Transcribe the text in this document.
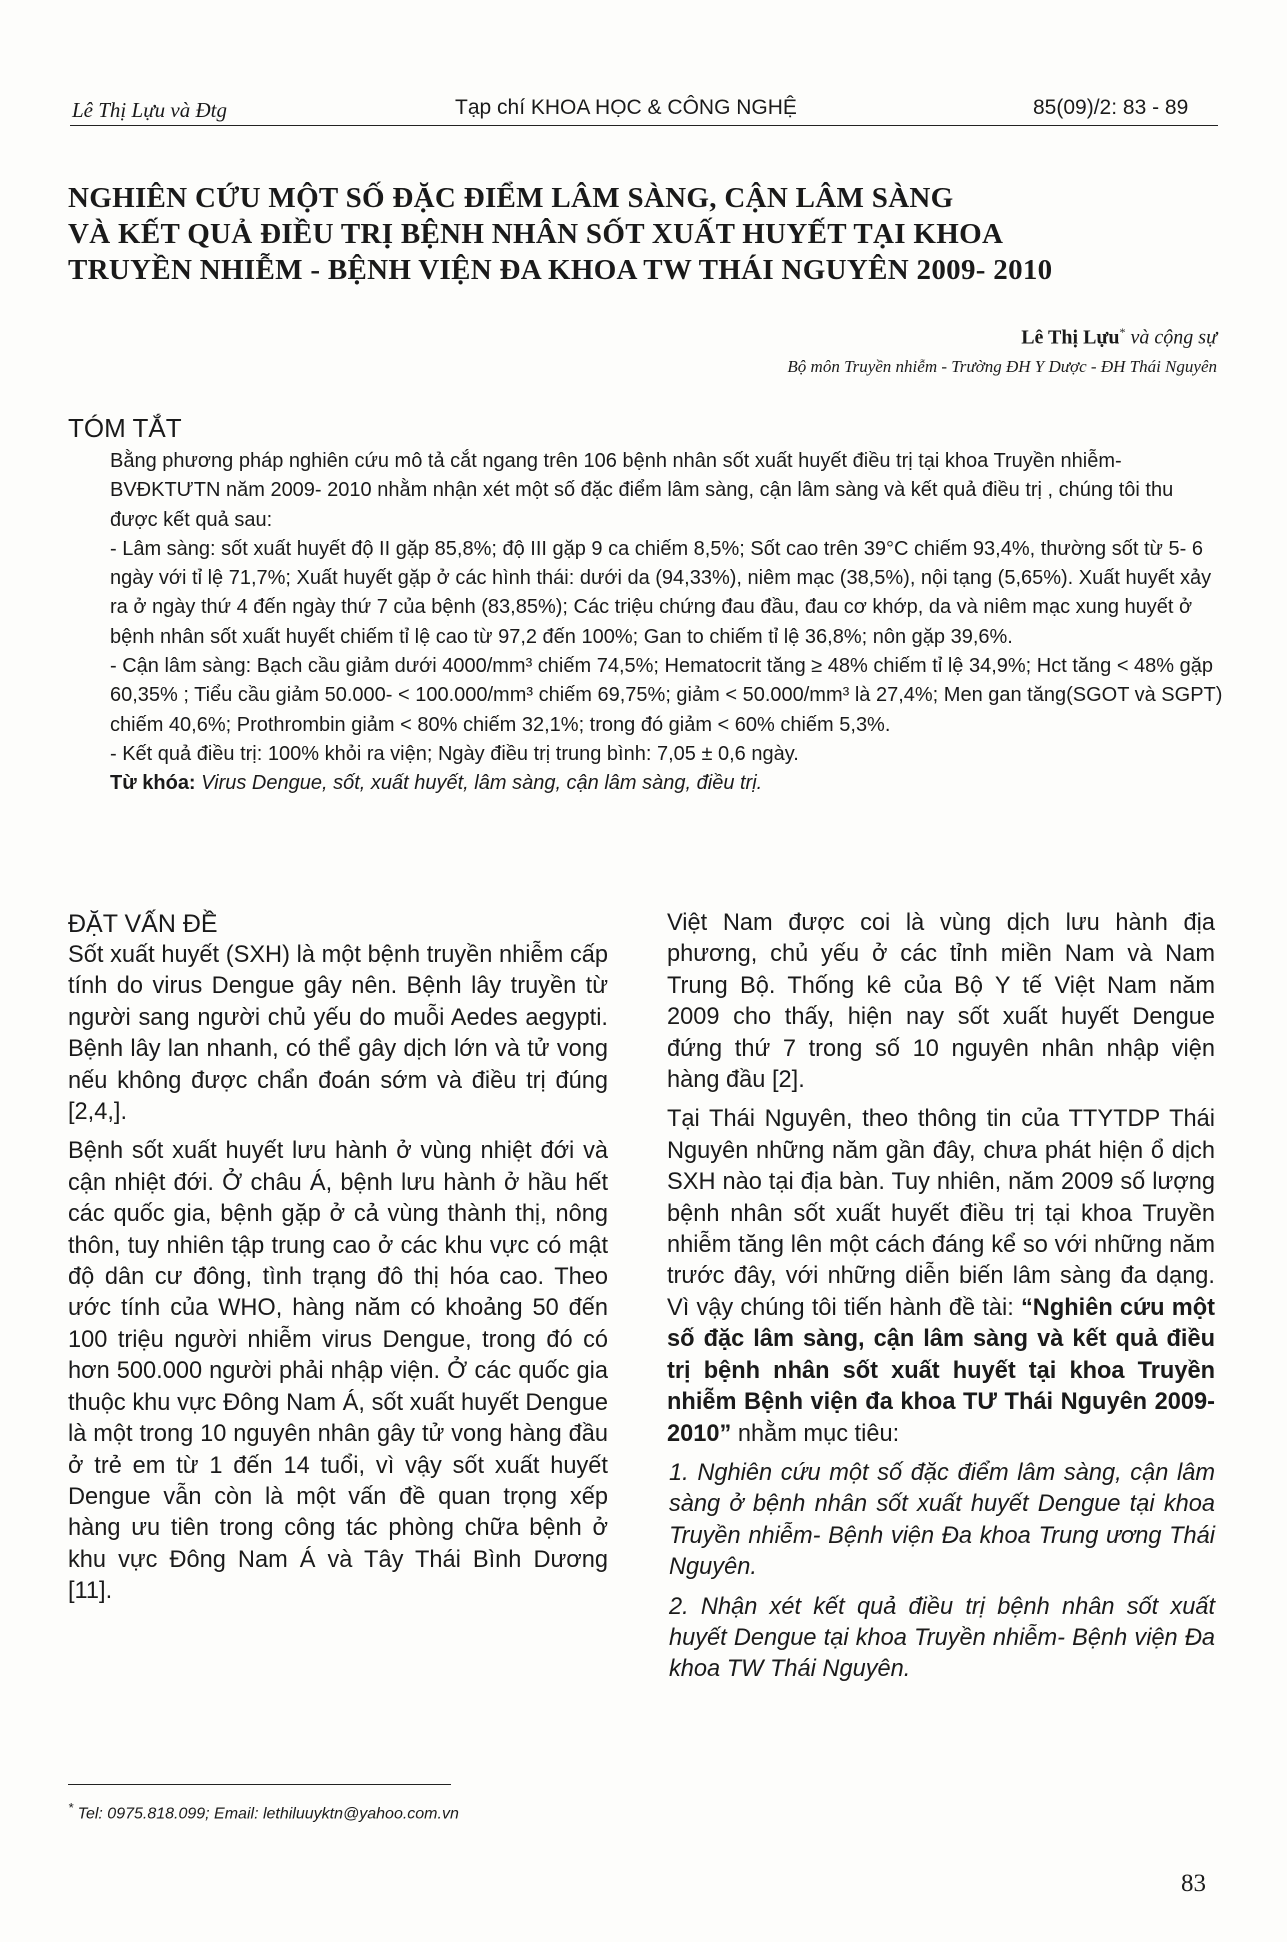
Lê Thị Lựu và Đtg	Tạp chí KHOA HỌC & CÔNG NGHỆ	85(09)/2: 83 - 89
NGHIÊN CỨU MỘT SỐ ĐẶC ĐIỂM LÂM SÀNG, CẬN LÂM SÀNG
VÀ KẾT QUẢ ĐIỀU TRỊ BỆNH NHÂN SỐT XUẤT HUYẾT TẠI KHOA
TRUYỀN NHIỄM - BỆNH VIỆN ĐA KHOA TW THÁI NGUYÊN 2009- 2010
Lê Thị Lựu* và cộng sự
Bộ môn Truyền nhiễm - Trường ĐH Y Dược - ĐH Thái Nguyên
TÓM TẮT

Bằng phương pháp nghiên cứu mô tả cắt ngang trên 106 bệnh nhân sốt xuất huyết điều trị tại khoa Truyền nhiễm- BVĐKTƯTN năm 2009- 2010 nhằm nhận xét một số đặc điểm lâm sàng, cận lâm sàng và kết quả điều trị , chúng tôi thu được kết quả sau:

- Lâm sàng: sốt xuất huyết độ II gặp 85,8%; độ III gặp 9 ca chiếm 8,5%; Sốt cao trên 39°C chiếm 93,4%, thường sốt từ 5- 6 ngày với tỉ lệ 71,7%; Xuất huyết gặp ở các hình thái: dưới da (94,33%), niêm mạc (38,5%), nội tạng (5,65%). Xuất huyết xảy ra ở ngày thứ 4 đến ngày thứ 7 của bệnh (83,85%); Các triệu chứng đau đầu, đau cơ khớp, da và niêm mạc xung huyết ở bệnh nhân sốt xuất huyết chiếm tỉ lệ cao từ 97,2 đến 100%; Gan to chiếm tỉ lệ 36,8%; nôn gặp 39,6%.

- Cận lâm sàng: Bạch cầu giảm dưới 4000/mm³ chiếm 74,5%; Hematocrit tăng ≥ 48% chiếm tỉ lệ 34,9%; Hct tăng < 48% gặp 60,35% ; Tiểu cầu giảm 50.000- < 100.000/mm³ chiếm 69,75%; giảm < 50.000/mm³ là 27,4%; Men gan tăng(SGOT và SGPT) chiếm 40,6%; Prothrombin giảm < 80% chiếm 32,1%; trong đó giảm < 60% chiếm 5,3%.

- Kết quả điều trị: 100% khỏi ra viện; Ngày điều trị trung bình: 7,05 ± 0,6 ngày.

Từ khóa: Virus Dengue, sốt, xuất huyết, lâm sàng, cận lâm sàng, điều trị.

ĐẶT VẤN ĐỀ

Sốt xuất huyết (SXH) là một bệnh truyền nhiễm cấp tính do virus Dengue gây nên. Bệnh lây truyền từ người sang người chủ yếu do muỗi Aedes aegypti. Bệnh lây lan nhanh, có thể gây dịch lớn và tử vong nếu không được chẩn đoán sớm và điều trị đúng [2,4,].

Bệnh sốt xuất huyết lưu hành ở vùng nhiệt đới và cận nhiệt đới. Ở châu Á, bệnh lưu hành ở hầu hết các quốc gia, bệnh gặp ở cả vùng thành thị, nông thôn, tuy nhiên tập trung cao ở các khu vực có mật độ dân cư đông, tình trạng đô thị hóa cao. Theo ước tính của WHO, hàng năm có khoảng 50 đến 100 triệu người nhiễm virus Dengue, trong đó có hơn 500.000 người phải nhập viện. Ở các quốc gia thuộc khu vực Đông Nam Á, sốt xuất huyết Dengue là một trong 10 nguyên nhân gây tử vong hàng đầu ở trẻ em từ 1 đến 14 tuổi, vì vậy sốt xuất huyết Dengue vẫn còn là một vấn đề quan trọng xếp hàng ưu tiên trong công tác phòng chữa bệnh ở khu vực Đông Nam Á và Tây Thái Bình Dương [11].

Việt Nam được coi là vùng dịch lưu hành địa phương, chủ yếu ở các tỉnh miền Nam và Nam Trung Bộ. Thống kê của Bộ Y tế Việt Nam năm 2009 cho thấy, hiện nay sốt xuất huyết Dengue đứng thứ 7 trong số 10 nguyên nhân nhập viện hàng đầu [2].

Tại Thái Nguyên, theo thông tin của TTYTDP Thái Nguyên những năm gần đây, chưa phát hiện ổ dịch SXH nào tại địa bàn. Tuy nhiên, năm 2009 số lượng bệnh nhân sốt xuất huyết điều trị tại khoa Truyền nhiễm tăng lên một cách đáng kể so với những năm trước đây, với những diễn biến lâm sàng đa dạng. Vì vậy chúng tôi tiến hành đề tài: “Nghiên cứu một số đặc lâm sàng, cận lâm sàng và kết quả điều trị bệnh nhân sốt xuất huyết tại khoa Truyền nhiễm Bệnh viện đa khoa TƯ Thái Nguyên 2009- 2010” nhằm mục tiêu:

1. Nghiên cứu một số đặc điểm lâm sàng, cận lâm sàng ở bệnh nhân sốt xuất huyết Dengue tại khoa Truyền nhiễm- Bệnh viện Đa khoa Trung ương Thái Nguyên.

2. Nhận xét kết quả điều trị bệnh nhân sốt xuất huyết Dengue tại khoa Truyền nhiễm- Bệnh viện Đa khoa TW Thái Nguyên.

* Tel: 0975.818.099; Email: lethiluuyktn@yahoo.com.vn
83
